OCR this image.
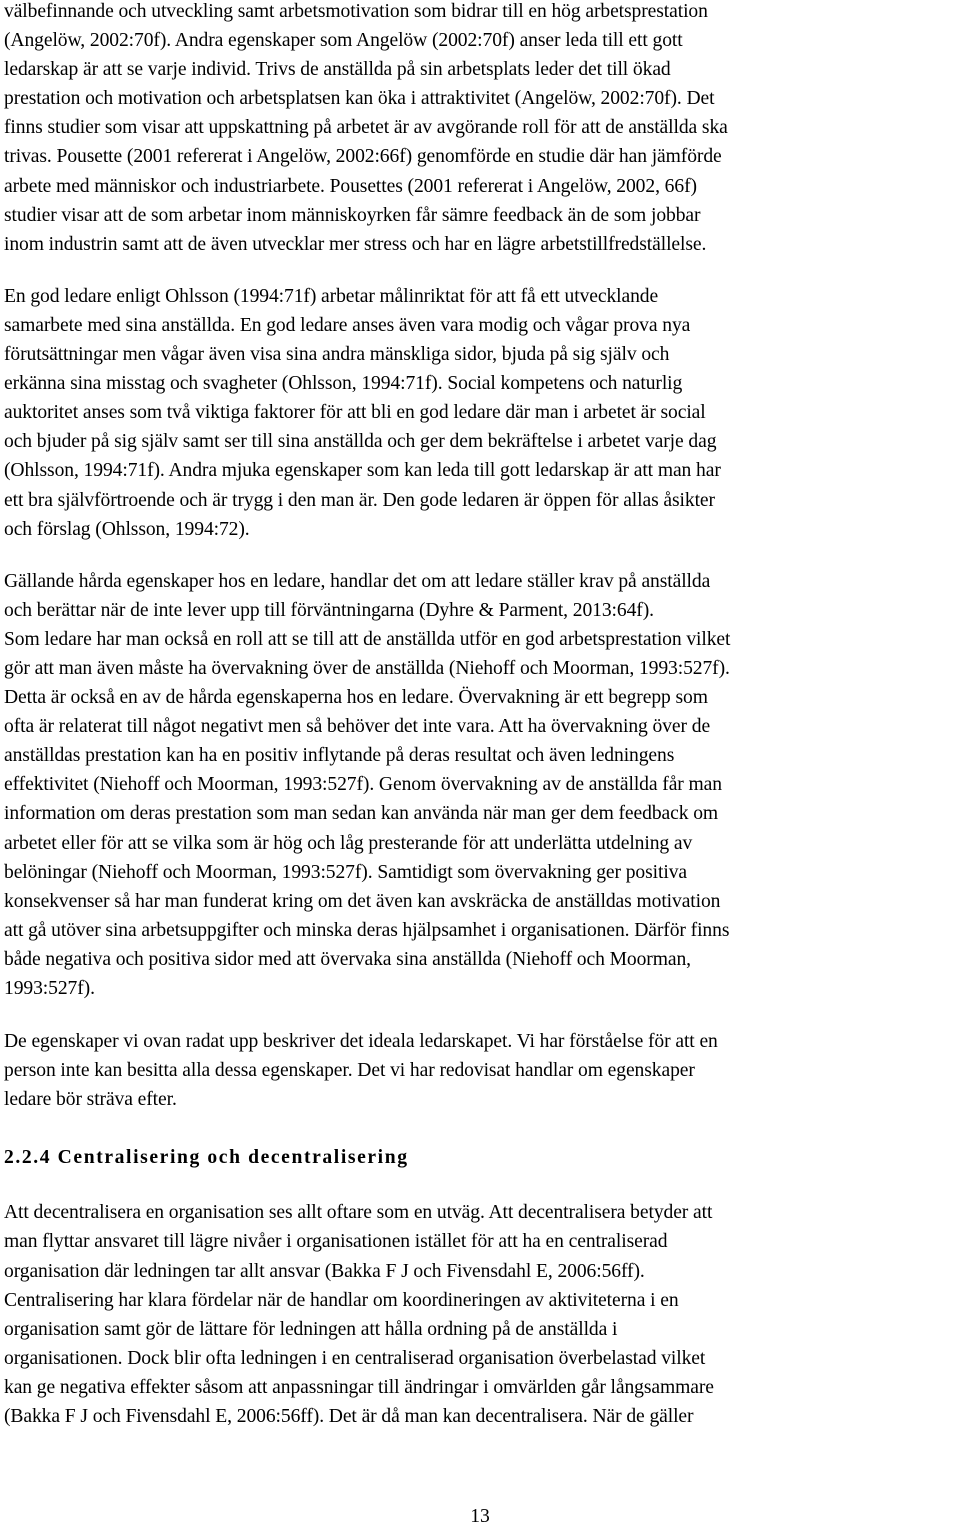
välbefinnande och utveckling samt arbetsmotivation som bidrar till en hög arbetsprestation
(Angelöw, 2002:70f). Andra egenskaper som Angelöw (2002:70f) anser leda till ett gott
ledarskap är att se varje individ. Trivs de anställda på sin arbetsplats leder det till ökad
prestation och motivation och arbetsplatsen kan öka i attraktivitet (Angelöw, 2002:70f). Det
finns studier som visar att uppskattning på arbetet är av avgörande roll för att de anställda ska
trivas. Pousette (2001 refererat i Angelöw, 2002:66f) genomförde en studie där han jämförde
arbete med människor och industriarbete. Pousettes (2001 refererat i Angelöw, 2002, 66f)
studier visar att de som arbetar inom människoyrken får sämre feedback än de som jobbar
inom industrin samt att de även utvecklar mer stress och har en lägre arbetstillfredställelse.
En god ledare enligt Ohlsson (1994:71f) arbetar målinriktat för att få ett utvecklande
samarbete med sina anställda. En god ledare anses även vara modig och vågar prova nya
förutsättningar men vågar även visa sina andra mänskliga sidor, bjuda på sig själv och
erkänna sina misstag och svagheter (Ohlsson, 1994:71f). Social kompetens och naturlig
auktoritet anses som två viktiga faktorer för att bli en god ledare där man i arbetet är social
och bjuder på sig själv samt ser till sina anställda och ger dem bekräftelse i arbetet varje dag
(Ohlsson, 1994:71f). Andra mjuka egenskaper som kan leda till gott ledarskap är att man har
ett bra självförtroende och är trygg i den man är. Den gode ledaren är öppen för allas åsikter
och förslag (Ohlsson, 1994:72).
Gällande hårda egenskaper hos en ledare, handlar det om att ledare ställer krav på anställda
och berättar när de inte lever upp till förväntningarna (Dyhre & Parment, 2013:64f).
Som ledare har man också en roll att se till att de anställda utför en god arbetsprestation vilket
gör att man även måste ha övervakning över de anställda (Niehoff och Moorman, 1993:527f).
Detta är också en av de hårda egenskaperna hos en ledare. Övervakning är ett begrepp som
ofta är relaterat till något negativt men så behöver det inte vara. Att ha övervakning över de
anställdas prestation kan ha en positiv inflytande på deras resultat och även ledningens
effektivitet (Niehoff och Moorman, 1993:527f). Genom övervakning av de anställda får man
information om deras prestation som man sedan kan använda när man ger dem feedback om
arbetet eller för att se vilka som är hög och låg presterande för att underlätta utdelning av
belöningar (Niehoff och Moorman, 1993:527f). Samtidigt som övervakning ger positiva
konsekvenser så har man funderat kring om det även kan avskräcka de anställdas motivation
att gå utöver sina arbetsuppgifter och minska deras hjälpsamhet i organisationen. Därför finns
både negativa och positiva sidor med att övervaka sina anställda (Niehoff och Moorman,
1993:527f).
De egenskaper vi ovan radat upp beskriver det ideala ledarskapet. Vi har förståelse för att en
person inte kan besitta alla dessa egenskaper. Det vi har redovisat handlar om egenskaper
ledare bör sträva efter.
2.2.4 Centralisering och decentralisering
Att decentralisera en organisation ses allt oftare som en utväg. Att decentralisera betyder att
man flyttar ansvaret till lägre nivåer i organisationen istället för att ha en centraliserad
organisation där ledningen tar allt ansvar (Bakka F J och Fivensdahl E, 2006:56ff).
Centralisering har klara fördelar när de handlar om koordineringen av aktiviteterna i en
organisation samt gör de lättare för ledningen att hålla ordning på de anställda i
organisationen. Dock blir ofta ledningen i en centraliserad organisation överbelastad vilket
kan ge negativa effekter såsom att anpassningar till ändringar i omvärlden går långsammare
(Bakka F J och Fivensdahl E, 2006:56ff). Det är då man kan decentralisera. När de gäller
13
